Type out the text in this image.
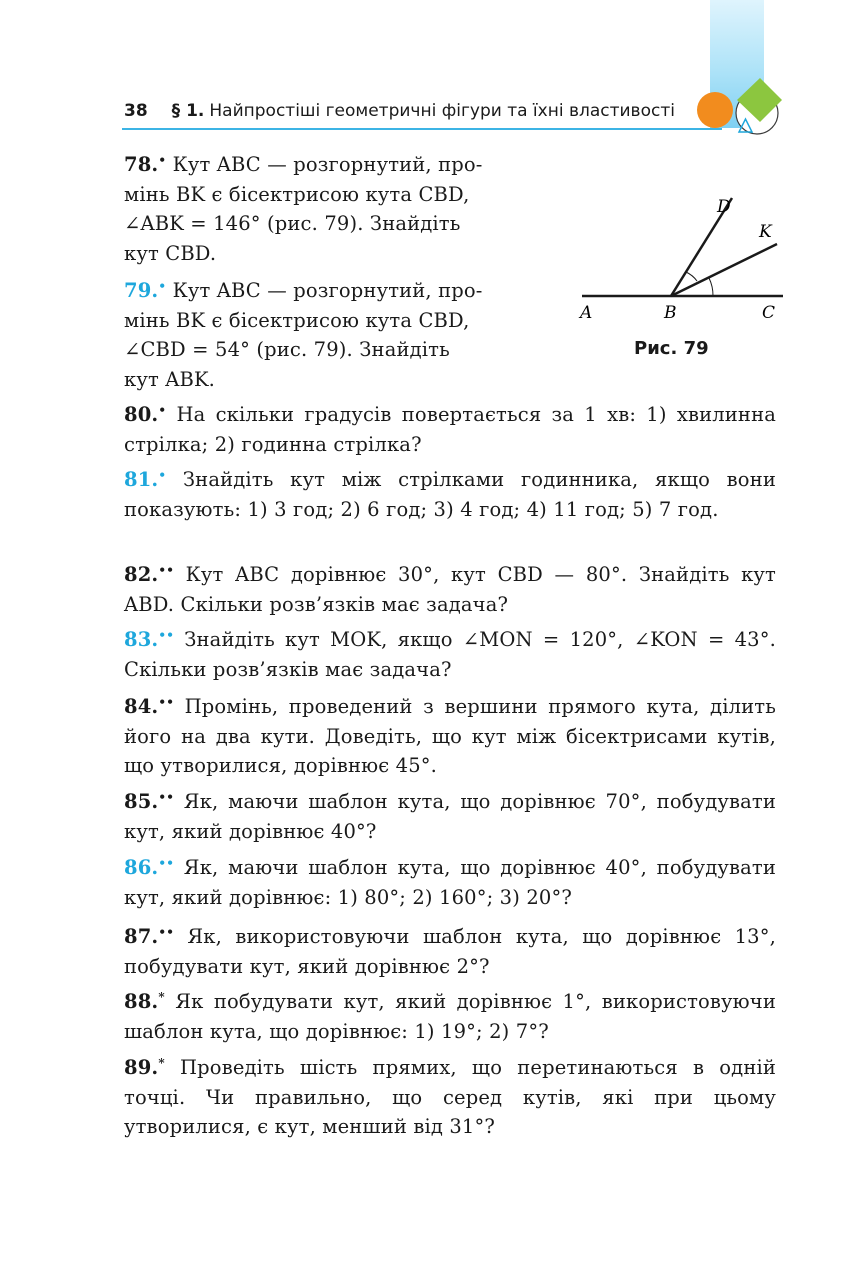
38 § 1. Найпростіші геометричні фігури та їхні властивості
78.• Кут ABC — розгорнутий, про-
мінь BK є бісектрисою кута CBD,
∠ABK = 146° (рис. 79). Знайдіть
кут CBD.
79.• Кут ABC — розгорнутий, про-
мінь BK є бісектрисою кута CBD,
∠CBD = 54° (рис. 79). Знайдіть
кут ABK.
A	B	C
D
K
Рис. 79
80.• На скільки градусів повертається за 1 хв: 1) хвилинна стрілка; 2) годинна стрілка?
81.• Знайдіть кут між стрілками годинника, якщо вони показують: 1) 3 год; 2) 6 год; 3) 4 год; 4) 11 год; 5) 7 год.
82.•• Кут ABC дорівнює 30°, кут CBD — 80°. Знайдіть кут ABD. Скільки розв’язків має задача?
83.•• Знайдіть кут MOK, якщо ∠MON = 120°, ∠KON = 43°. Скільки розв’язків має задача?
84.•• Промінь, проведений з вершини прямого кута, ділить його на два кути. Доведіть, що кут між бісектрисами кутів, що утворилися, дорівнює 45°.
85.•• Як, маючи шаблон кута, що дорівнює 70°, побудувати кут, який дорівнює 40°?
86.•• Як, маючи шаблон кута, що дорівнює 40°, побудувати кут, який дорівнює: 1) 80°; 2) 160°; 3) 20°?
87.•• Як, використовуючи шаблон кута, що дорівнює 13°, побудувати кут, який дорівнює 2°?
88.* Як побудувати кут, який дорівнює 1°, використовуючи шаблон кута, що дорівнює: 1) 19°; 2) 7°?
89.* Проведіть шість прямих, що перетинаються в одній точці. Чи правильно, що серед кутів, які при цьому утворилися, є кут, менший від 31°?
